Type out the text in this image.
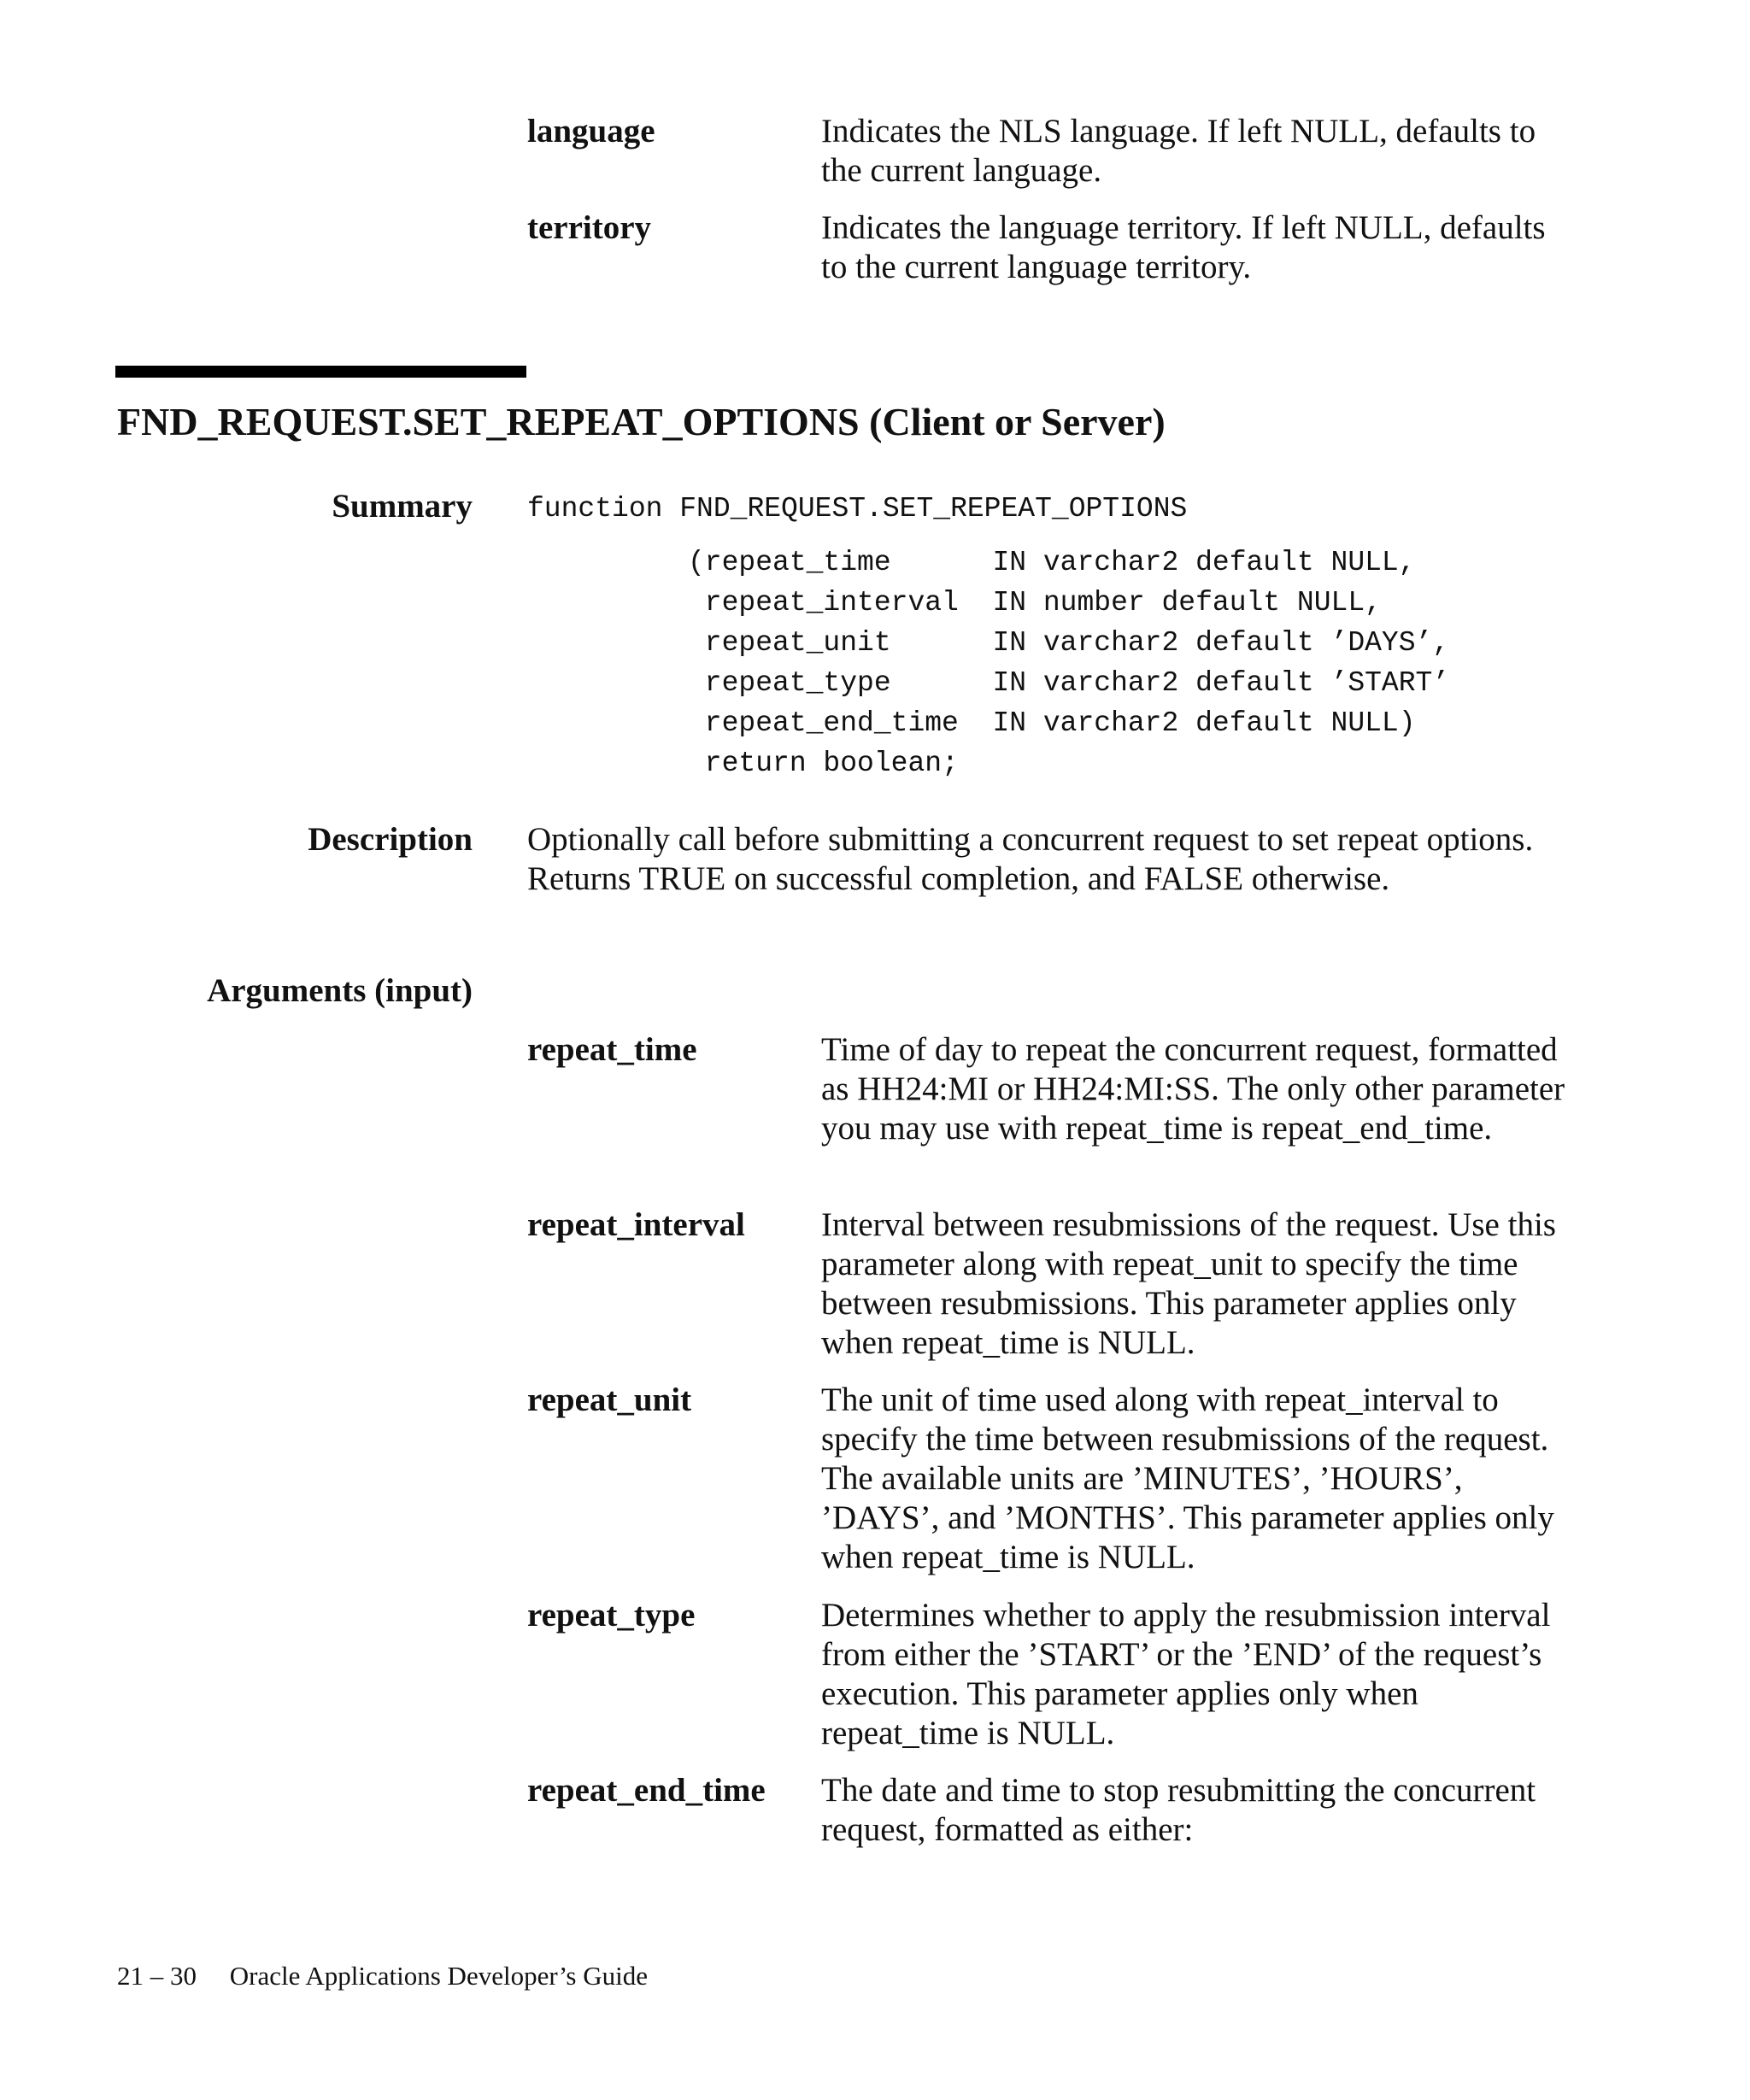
language	Indicates the NLS language. If left NULL, defaults to the current language.
territory	Indicates the language territory. If left NULL, defaults to the current language territory.
FND_REQUEST.SET_REPEAT_OPTIONS (Client or Server)
Summary function FND_REQUEST.SET_REPEAT_OPTIONS
(repeat_time      IN varchar2 default NULL,
repeat_interval  IN number default NULL,
repeat_unit      IN varchar2 default ’DAYS’,
repeat_type      IN varchar2 default ’START’
repeat_end_time  IN varchar2 default NULL)
return boolean;
Description Optionally call before submitting a concurrent request to set repeat options. Returns TRUE on successful completion, and FALSE otherwise.
Arguments (input)
repeat_time	Time of day to repeat the concurrent request, formatted as HH24:MI or HH24:MI:SS. The only other parameter you may use with repeat_time is repeat_end_time.
repeat_interval Interval between resubmissions of the request. Use this parameter along with repeat_unit to specify the time between resubmissions. This parameter applies only when repeat_time is NULL.
repeat_unit	The unit of time used along with repeat_interval to specify the time between resubmissions of the request. The available units are ’MINUTES’, ’HOURS’, ’DAYS’, and ’MONTHS’. This parameter applies only when repeat_time is NULL.
repeat_type	Determines whether to apply the resubmission interval from either the ’START’ or the ’END’ of the request’s execution. This parameter applies only when repeat_time is NULL.
repeat_end_time The date and time to stop resubmitting the concurrent request, formatted as either:
21 – 30 Oracle Applications Developer’s Guide
